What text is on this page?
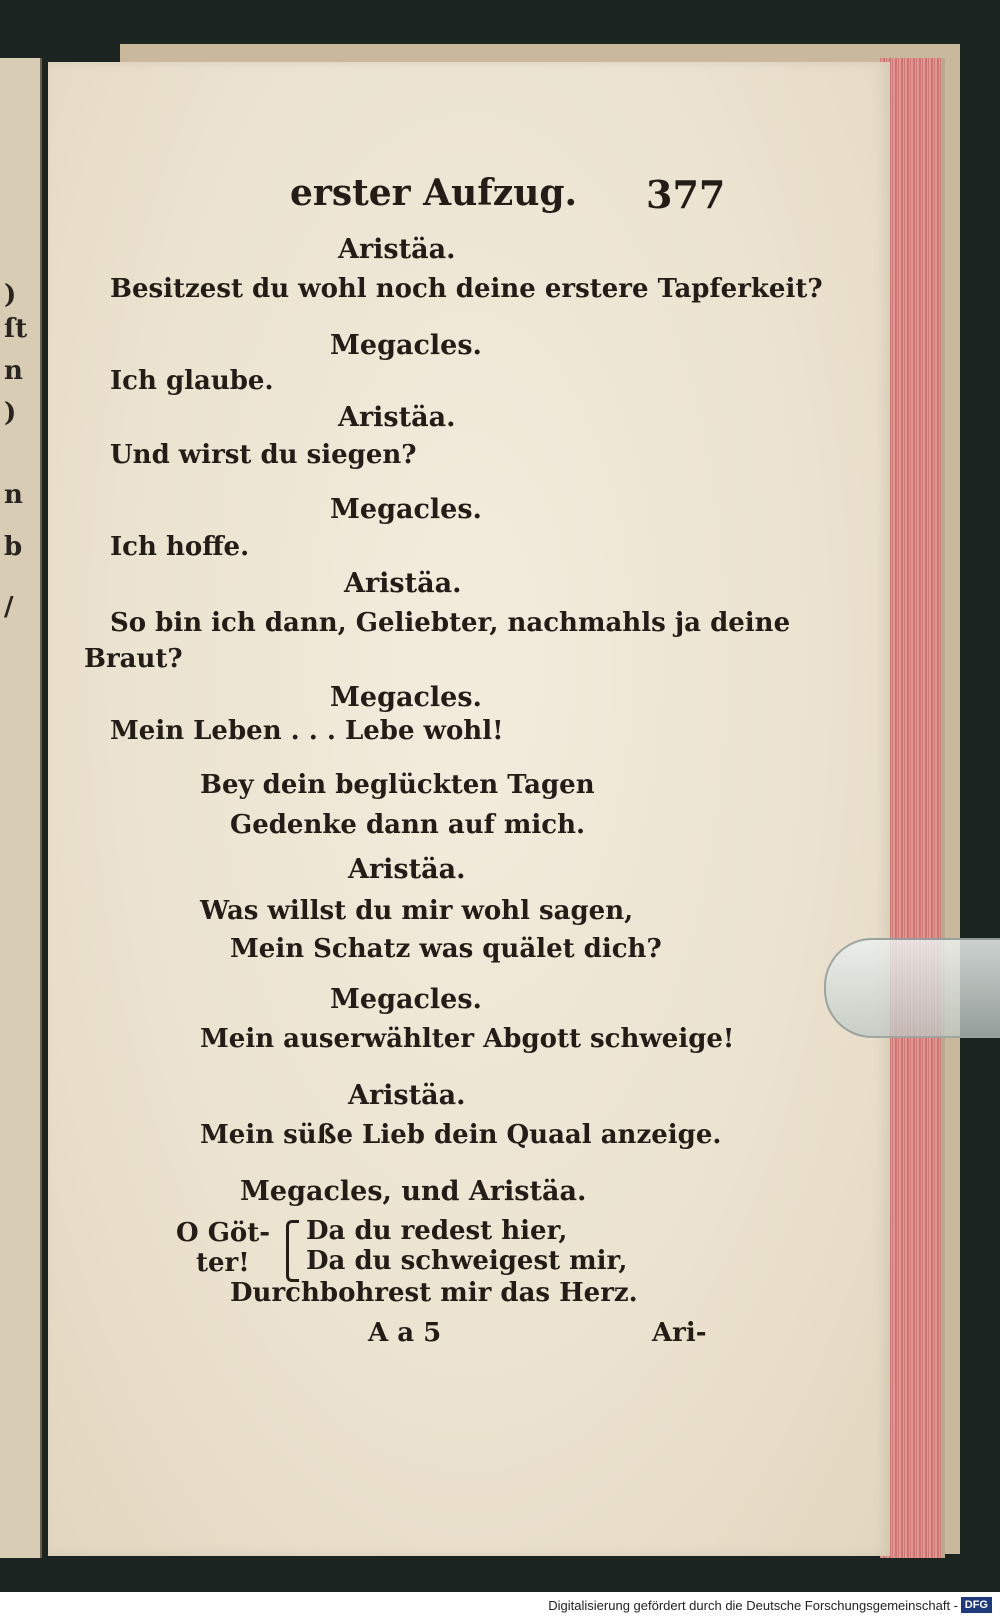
)
ſt
n
)
n
b
/
erster Aufzug. 377
Aristäa.
Besitzest du wohl noch deine erstere Tapferkeit?
Megacles.
Ich glaube.
Aristäa.
Und wirst du siegen?
Megacles.
Ich hoffe.
Aristäa.
So bin ich dann, Geliebter, nachmahls ja deine
Braut?
Megacles.
Mein Leben . . . Lebe wohl!
Bey dein beglückten Tagen
Gedenke dann auf mich.
Aristäa.
Was willst du mir wohl sagen,
Mein Schatz was quälet dich?
Megacles.
Mein auserwählter Abgott schweige!
Aristäa.
Mein süße Lieb dein Quaal anzeige.
Megacles, und Aristäa.
O Göt-
ter!
Da du redest hier,
Da du schweigest mir,
Durchbohrest mir das Herz.
A a 5	Ari-
Digitalisierung gefördert durch die Deutsche Forschungsgemeinschaft - DFG
